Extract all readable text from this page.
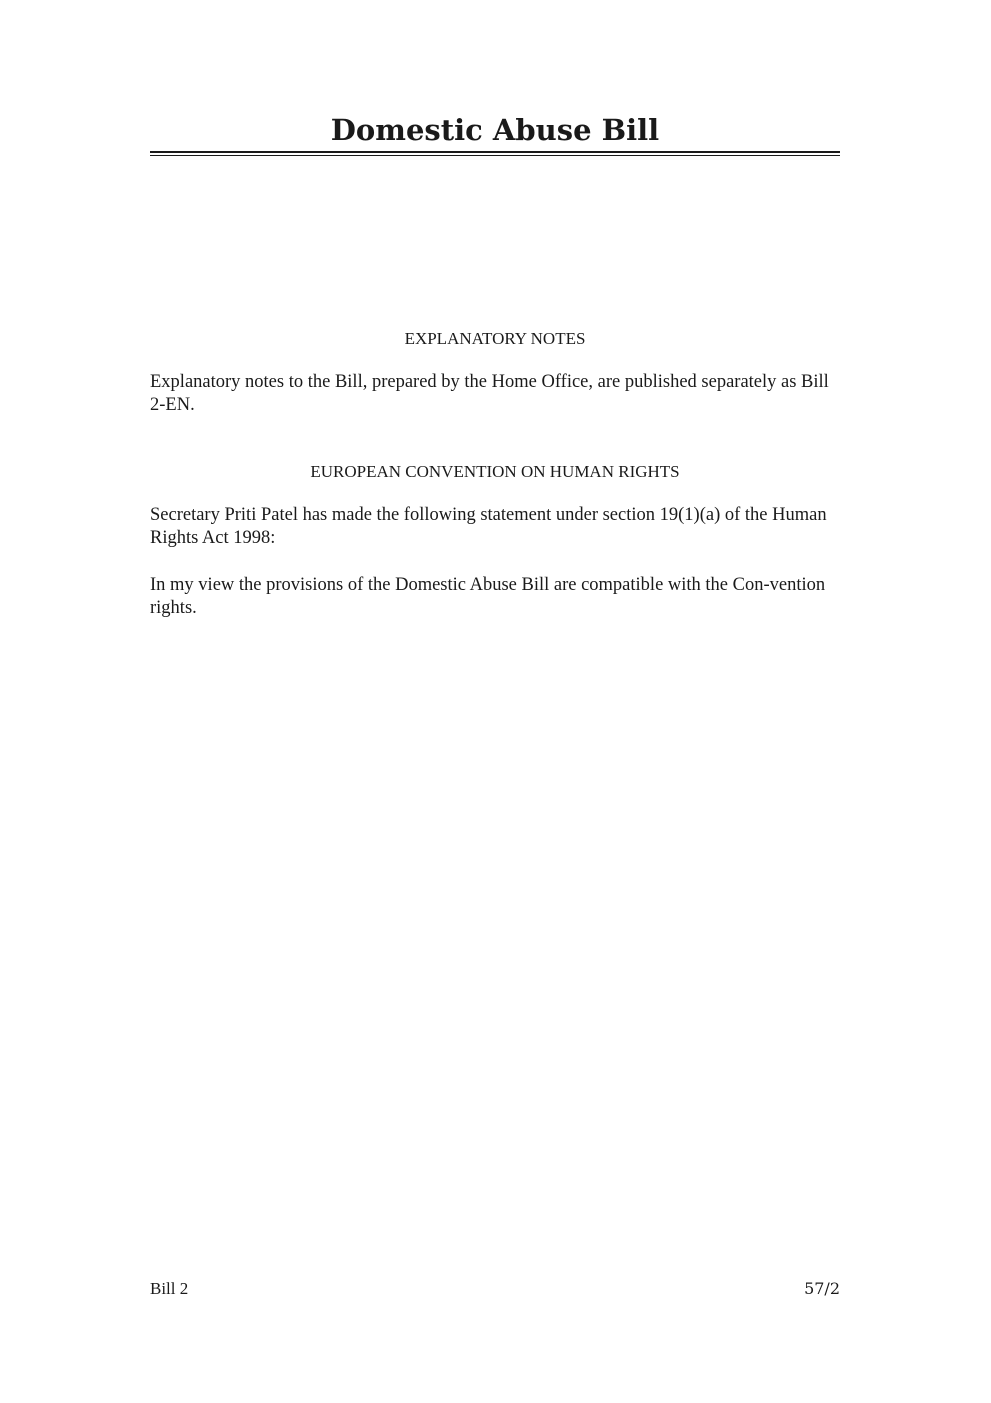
Domestic Abuse Bill
EXPLANATORY NOTES

Explanatory notes to the Bill, prepared by the Home Office, are published separately as Bill 2-EN.

EUROPEAN CONVENTION ON HUMAN RIGHTS

Secretary Priti Patel has made the following statement under section 19(1)(a) of the Human Rights Act 1998:

In my view the provisions of the Domestic Abuse Bill are compatible with the Con-vention rights.

Bill 2	57/2
